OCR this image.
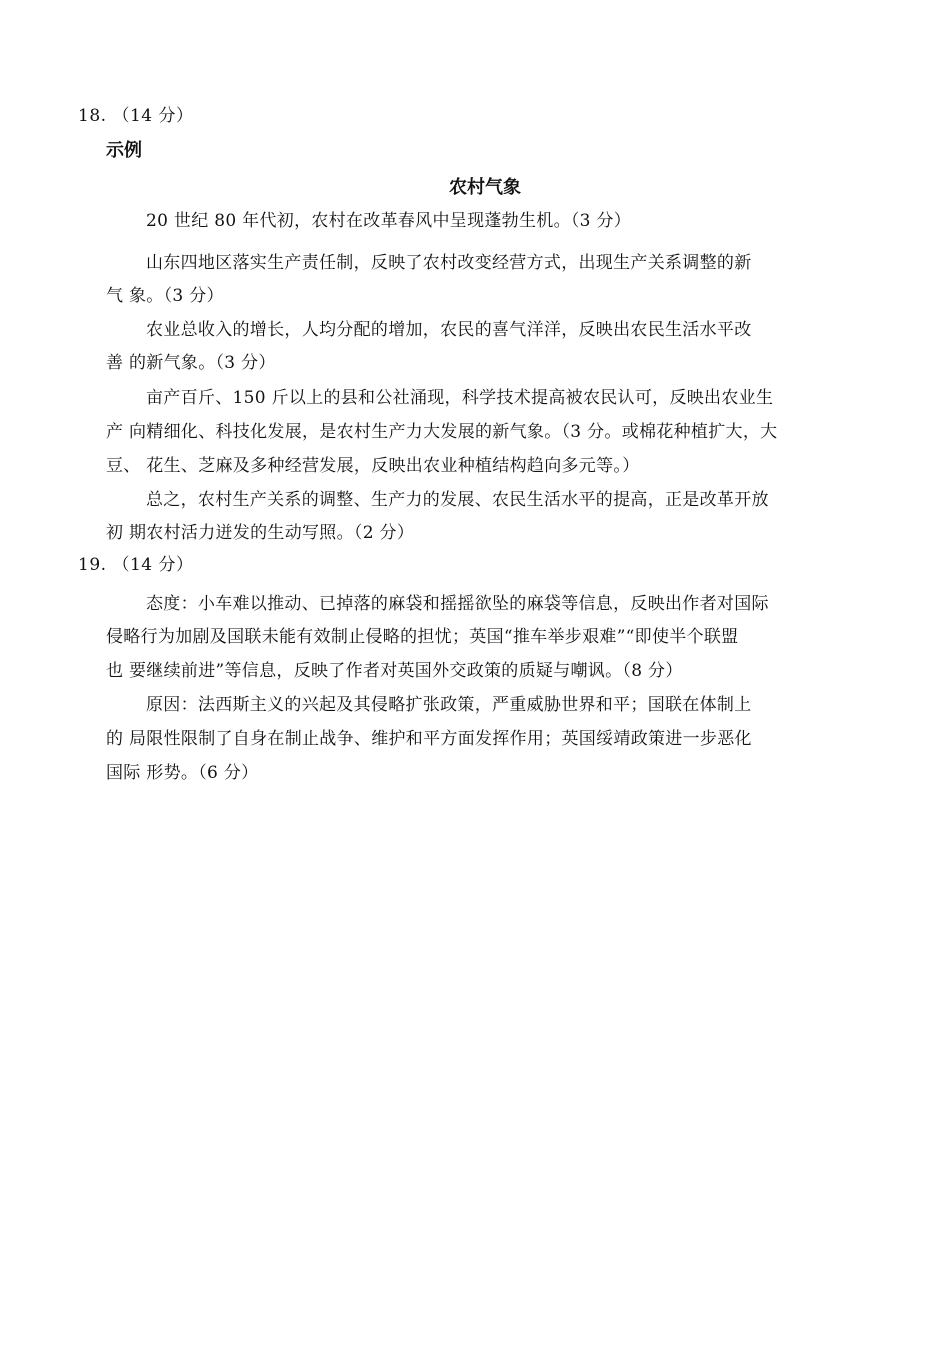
18. （14 分）
示例
农村气象
20 世纪 80 年代初，农村在改革春风中呈现蓬勃生机。（3 分）
山东四地区落实生产责任制，反映了农村改变经营方式，出现生产关系调整的新
气 象。（3 分）
农业总收入的增长，人均分配的增加，农民的喜气洋洋，反映出农民生活水平改
善 的新气象。（3 分）
亩产百斤、150 斤以上的县和公社涌现，科学技术提高被农民认可，反映出农业生
产 向精细化、科技化发展，是农村生产力大发展的新气象。（3 分。或棉花种植扩大，大
豆、 花生、芝麻及多种经营发展，反映出农业种植结构趋向多元等。）
总之，农村生产关系的调整、生产力的发展、农民生活水平的提高，正是改革开放
初 期农村活力迸发的生动写照。（2 分）
19. （14 分）
态度：小车难以推动、已掉落的麻袋和摇摇欲坠的麻袋等信息，反映出作者对国际
侵略行为加剧及国联未能有效制止侵略的担忧；英国“推车举步艰难”“即使半个联盟
也 要继续前进”等信息，反映了作者对英国外交政策的质疑与嘲讽。（8 分）
原因：法西斯主义的兴起及其侵略扩张政策，严重威胁世界和平；国联在体制上
的 局限性限制了自身在制止战争、维护和平方面发挥作用；英国绥靖政策进一步恶化
国际 形势。（6 分）
